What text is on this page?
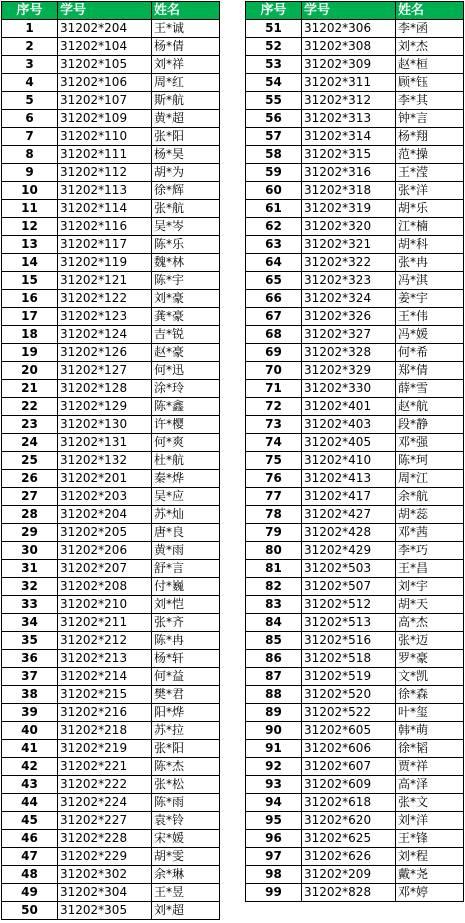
序号	学号	姓名
1	31202*204	王*诚
2	31202*104	杨*倩
3	31202*105	刘*祥
4	31202*106	周*红
5	31202*107	斯*航
6	31202*109	黄*超
7	31202*110	张*阳
8	31202*111	杨*昊
9	31202*112	胡*为
10	31202*113	徐*辉
11	31202*114	张*航
12	31202*116	吴*岑
13	31202*117	陈*乐
14	31202*119	魏*林
15	31202*121	陈*宇
16	31202*122	刘*豪
17	31202*123	龚*豪
18	31202*124	吉*锐
19	31202*126	赵*豪
20	31202*127	何*迅
21	31202*128	涂*玲
22	31202*129	陈*鑫
23	31202*130	许*樱
24	31202*131	何*爽
25	31202*132	杜*航
26	31202*201	秦*烨
27	31202*203	吴*应
28	31202*204	苏*灿
29	31202*205	唐*良
30	31202*206	黄*雨
31	31202*207	舒*言
32	31202*208	付*巍
33	31202*210	刘*恺
34	31202*211	张*齐
35	31202*212	陈*冉
36	31202*213	杨*轩
37	31202*214	何*益
38	31202*215	樊*君
39	31202*216	阳*烨
40	31202*218	苏*拉
41	31202*219	张*阳
42	31202*221	陈*杰
43	31202*222	张*松
44	31202*224	陈*雨
45	31202*227	袁*铃
46	31202*228	宋*媛
47	31202*229	胡*雯
48	31202*302	余*琳
49	31202*304	王*昱
50	31202*305	刘*超
序号	学号	姓名
51	31202*306	李*函
52	31202*308	刘*杰
53	31202*309	赵*桓
54	31202*311	顾*钰
55	31202*312	李*其
56	31202*313	钟*言
57	31202*314	杨*翔
58	31202*315	范*操
59	31202*316	王*滢
60	31202*318	张*洋
61	31202*319	胡*乐
62	31202*320	江*楠
63	31202*321	胡*科
64	31202*322	张*冉
65	31202*323	冯*淇
66	31202*324	姜*宇
67	31202*326	王*伟
68	31202*327	冯*媛
69	31202*328	何*希
70	31202*329	郑*倩
71	31202*330	薛*雪
72	31202*401	赵*航
73	31202*403	段*静
74	31202*405	邓*强
75	31202*410	陈*珂
76	31202*413	周*江
77	31202*417	余*航
78	31202*427	胡*蕊
79	31202*428	邓*茜
80	31202*429	李*巧
81	31202*503	王*昌
82	31202*507	刘*宇
83	31202*512	胡*天
84	31202*513	高*杰
85	31202*516	张*迈
86	31202*518	罗*豪
87	31202*519	文*凯
88	31202*520	徐*森
89	31202*522	叶*玺
90	31202*605	韩*萌
91	31202*606	徐*韬
92	31202*607	贾*祥
93	31202*609	高*泽
94	31202*618	张*文
95	31202*620	刘*洋
96	31202*625	王*锋
97	31202*626	刘*程
98	31202*209	戴*尧
99	31202*828	邓*婷
